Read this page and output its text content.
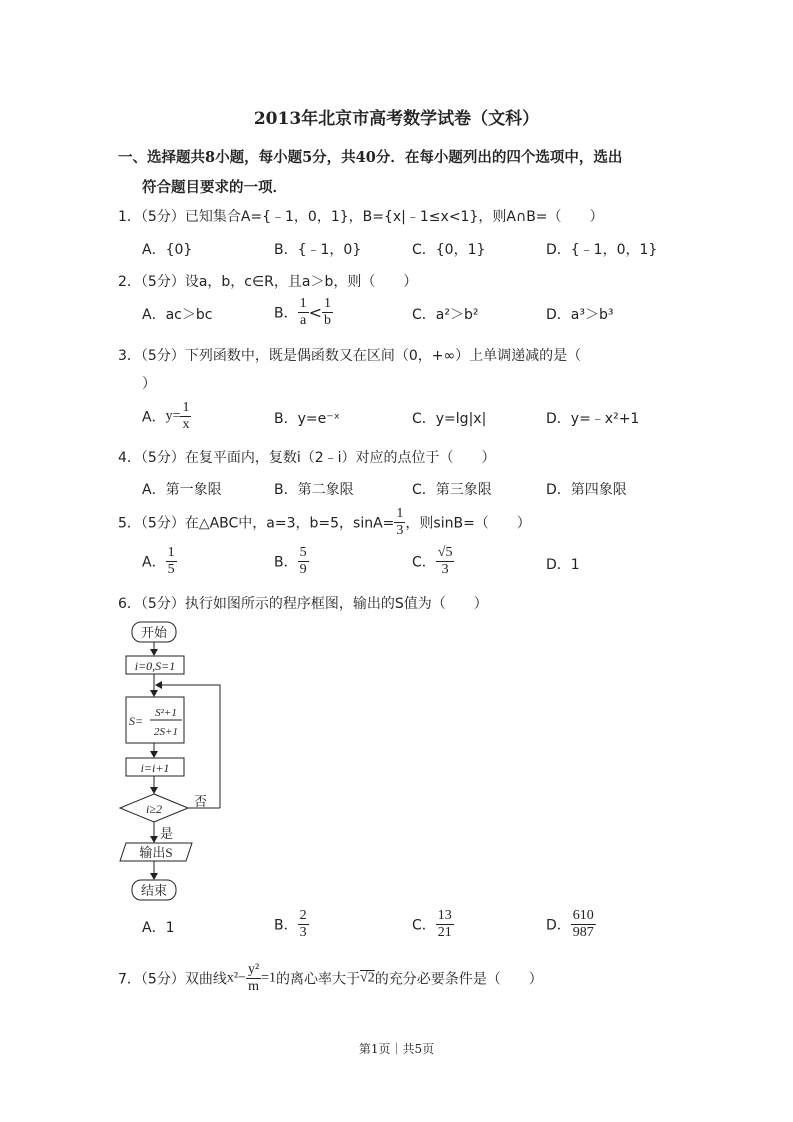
2013年北京市高考数学试卷（文科）
一、选择题共8小题，每小题5分，共40分．在每小题列出的四个选项中，选出
符合题目要求的一项．
1．（5分）已知集合A={﹣1，0，1}，B={x|﹣1≤x<1}，则A∩B=（　　）
A．{0}	B．{﹣1，0}	C．{0，1}	D．{﹣1，0，1}
2．（5分）设a，b，c∈R，且a＞b，则（　　）
A．ac＞bc	B． $\frac{1}{a} < \frac{1}{b}$	C．a²＞b²	D．a³＞b³
3．（5分）下列函数中，既是偶函数又在区间（0，+∞）上单调递减的是（
）
A．$y= \frac{1}{x}$	B．y=e⁻ˣ	C．y=lg|x|	D．y=﹣x²+1
4．（5分）在复平面内，复数i（2﹣i）对应的点位于（　　）
A．第一象限	B．第二象限	C．第三象限	D．第四象限
5．（5分）在△ABC中，a=3，b=5，$\sin A= \frac{1}{3}$ ，则sinB=（　　）
A． $\frac{1}{5}$	B． $\frac{5}{9}$	C． $\frac{√5}{3}$	D．1
6．（5分）执行如图所示的程序框图，输出的S值为（　　）
开始
i=0,S=1
S=
S²+1
2S+1
i=i+1
i≥2 否
是
输出S
结束
A．1	B． $\frac{2}{3}$	C． $\frac{13}{21}$	D． $\frac{610}{987}$
7．（5分）双曲线$x^2- \frac{\text{y²}}{m} =1$的离心率大于√2的充分必要条件是（　　）
第1页｜共5页
